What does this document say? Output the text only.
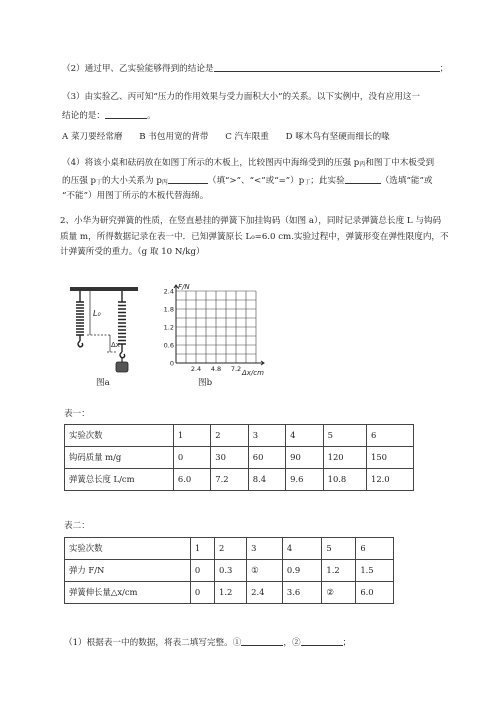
（2）通过甲、乙实验能够得到的结论是	；
（3）由实验乙、丙可知“压力的作用效果与受力面积大小”的关系。以下实例中，没有应用这一
结论的是：	。
A 菜刀要经常磨 B 书包用宽的背带 C 汽车限重 D 啄木鸟有坚硬而细长的喙
（4）将该小桌和砝码放在如图丁所示的木板上，比较图丙中海绵受到的压强 p丙和图丁中木板受到
的压强 p丁的大小关系为 p丙	（填“>”、“<”或“=”）p丁；此实验	（选填“能”或
“不能”）用图丁所示的木板代替海绵。
2、小华为研究弹簧的性质，在竖直悬挂的弹簧下加挂钩码（如图 a），同时记录弹簧总长度 L 与钩码
质量 m，所得数据记录在表一中．已知弹簧原长 L₀=6.0 cm.实验过程中，弹簧形变在弹性限度内，不
计弹簧所受的重力。（g 取 10 N/kg）
L₀
Δx
图a
2.4
1.8
1.2
0.6
0
2.4 4.8 7.2
F/N
Δx/cm
图b
表一：
实验次数	1	2	3	4	5	6
钩码质量 m/g	0	30	60	90	120	150
弹簧总长度 L/cm	6.0	7.2	8.4	9.6	10.8	12.0
表二：
实验次数	1	2	3	4	5	6
弹力 F/N	0	0.3	①	0.9	1.2	1.5
弹簧伸长量△x/cm	0	1.2	2.4	3.6	②	6.0
（1）根据表一中的数据，将表二填写完整。①	，②	；
